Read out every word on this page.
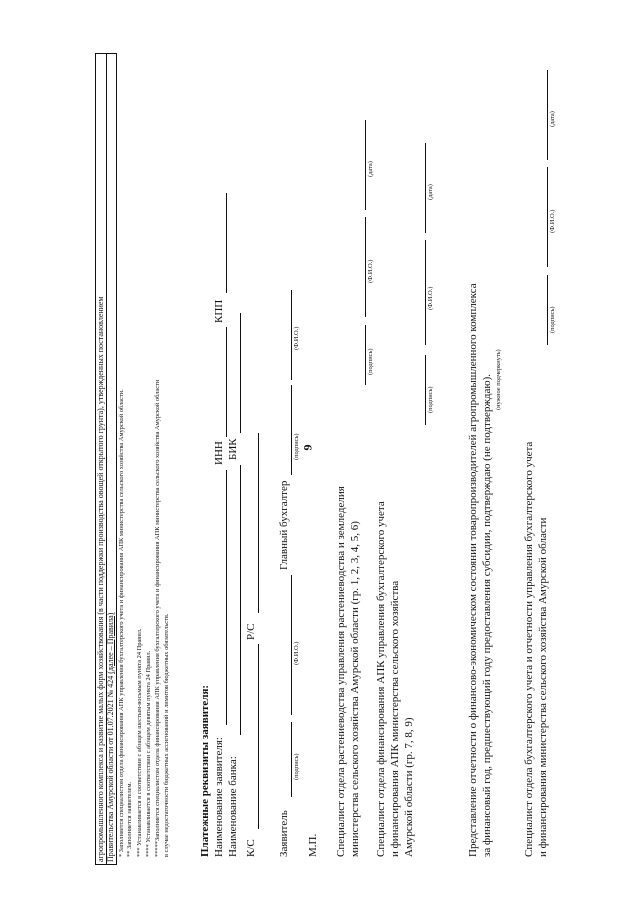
9
агропромышленного комплекса и развитие малых форм хозяйствования (в части поддержки производства овощей открытого грунта), утвержденных постановлением Правительства Амурской области от 01.07.2021 № 424 (далее – Правила) * Заполняется специалистом отдела финансирования АПК управления бухгалтерского учета и финансирования АПК министерства сельского хозяйства Амурской области. ** Заполняется заявителем. *** Устанавливается в соответствии с абзацем шестым-восьмым пункта 24 Правил. **** Устанавливается в соответствии с абзацем девятым пункта 24 Правил. *****Заполняется специалистом отдела финансирования АПК управления бухгалтерского учета и финансирования АПК министерства сельского хозяйства Амурской области в случае недостаточности бюджетных ассигнований и лимитов бюджетных обязательств.	Платежные реквизиты заявителя: Наименование заявителя:
ИНН
КПП
Наименование банка:
БИК
К/С
Р/С
Заявитель
(подпись)
(Ф.И.О.)
Главный бухгалтер
(подпись)
(Ф.И.О.)
М.П. Специалист отдела растениеводства управления растениеводства и земледелия министерства сельского хозяйства Амурской области (гр. 1, 2, 3, 4, 5, 6)
(подпись)
(Ф.И.О.)
(дата)
Специалист отдела финансирования АПК управления бухгалтерского учета и финансирования АПК министерства сельского хозяйства Амурской области (гр. 7, 8, 9)
(подпись)
(Ф.И.О.)
(дата)
Представление отчетности о финансово-экономическом состоянии товаропроизводителей агропромышленного комплекса за финансовый год, предшествующий году предоставления субсидии, подтверждаю (не подтверждаю). (нужное подчеркнуть)
Специалист отдела бухгалтерского учета и отчетности управления бухгалтерского учета и финансирования министерства сельского хозяйства Амурской области
(подпись)
(Ф.И.О.)
(дата)
